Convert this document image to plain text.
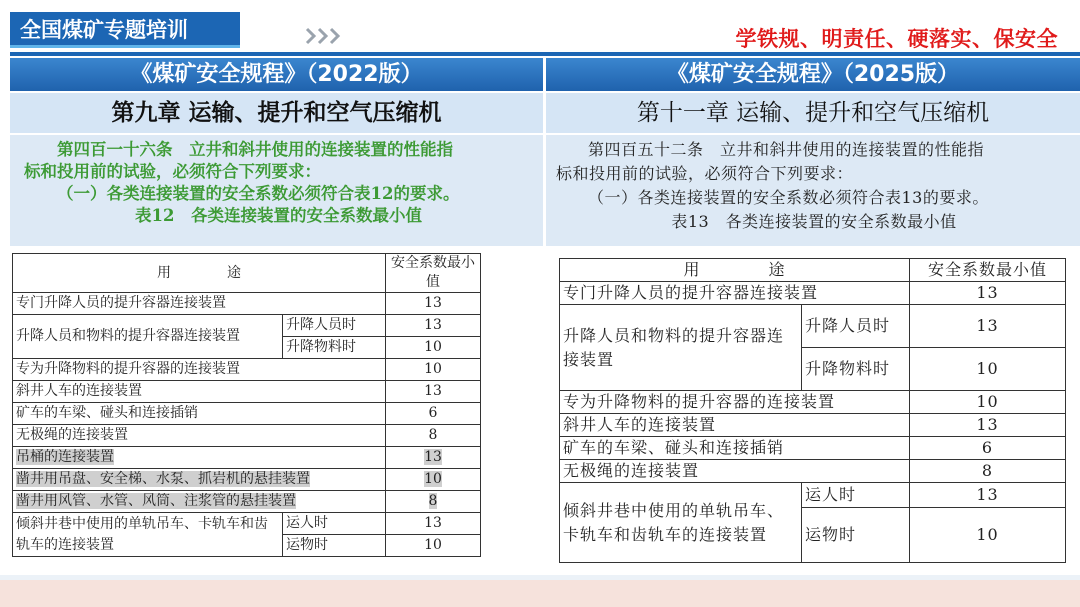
全国煤矿专题培训	学铁规、明责任、硬落实、保安全
《煤矿安全规程》（2022版）	《煤矿安全规程》（2025版）
第九章 运输、提升和空气压缩机	第十一章 运输、提升和空气压缩机

第四百一十六条　立井和斜井使用的连接装置的性能指

标和投用前的试验，必须符合下列要求：

（一）各类连接装置的安全系数必须符合表12的要求。

表12　各类连接装置的安全系数最小值

第四百五十二条　立井和斜井使用的连接装置的性能指

标和投用前的试验，必须符合下列要求：

（一）各类连接装置的安全系数必须符合表13的要求。

表13　各类连接装置的安全系数最小值

用　　　　途		安全系数最小值
专门升降人员的提升容器连接装置		13
升降人员和物料的提升容器连接装置	升降人员时	13
	升降物料时	10
专为升降物料的提升容器的连接装置		10
斜井人车的连接装置		13
矿车的车梁、碰头和连接插销		6
无极绳的连接装置		8
吊桶的连接装置		13
凿井用吊盘、安全梯、水泵、抓岩机的悬挂装置		10
凿井用风管、水管、风筒、注浆管的悬挂装置		8
倾斜井巷中使用的单轨吊车、卡轨车和齿轨车的连接装置	运人时	13
	运物时	10
用　　　　途		安全系数最小值
专门升降人员的提升容器连接装置		13
升降人员和物料的提升容器连接装置	升降人员时	13
	升降物料时	10
专为升降物料的提升容器的连接装置		10
斜井人车的连接装置		13
矿车的车梁、碰头和连接插销		6
无极绳的连接装置		8
倾斜井巷中使用的单轨吊车、卡轨车和齿轨车的连接装置	运人时	13
	运物时	10
